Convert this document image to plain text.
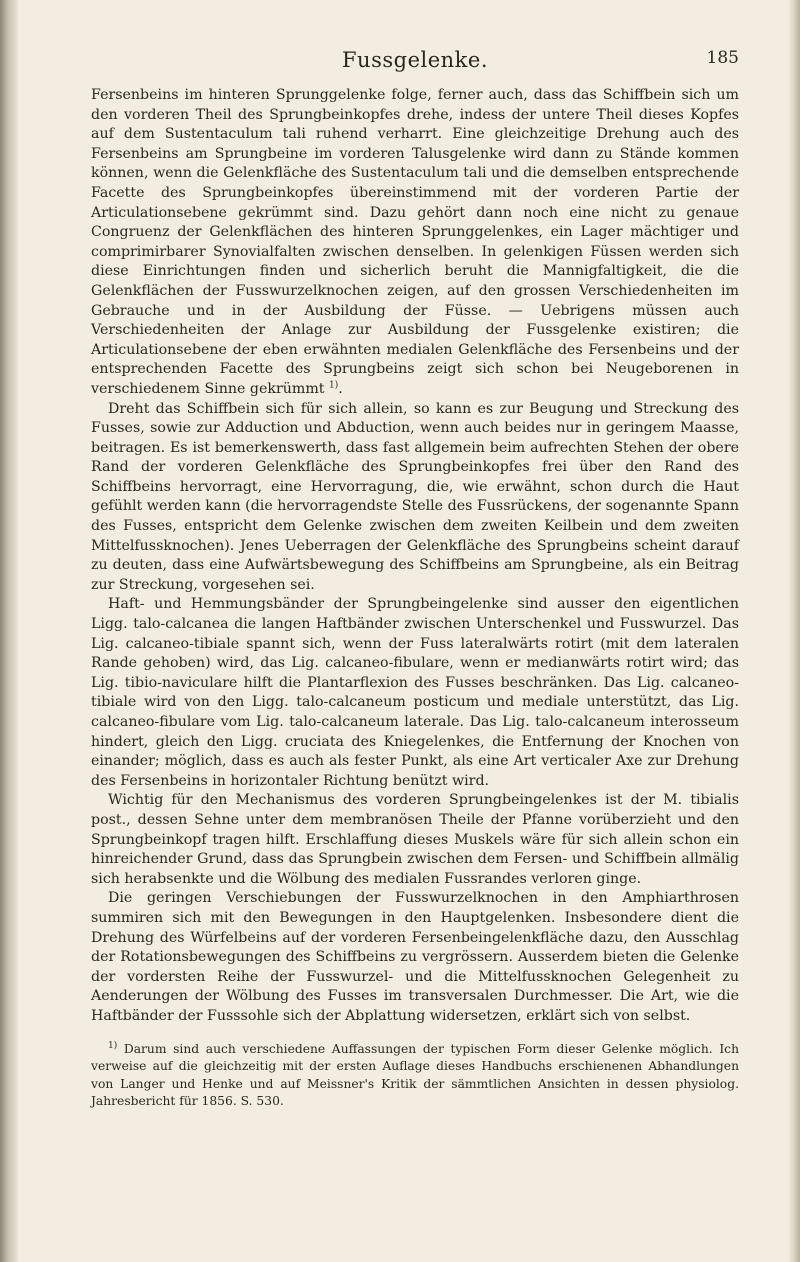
Fussgelenke.	185

Fersenbeins im hinteren Sprunggelenke folge, ferner auch, dass das Schiffbein sich um den vorderen Theil des Sprungbeinkopfes drehe, indess der untere Theil dieses Kopfes auf dem Sustentaculum tali ruhend verharrt. Eine gleichzeitige Drehung auch des Fersenbeins am Sprungbeine im vorderen Talusgelenke wird dann zu Stände kommen können, wenn die Gelenkfläche des Sustentaculum tali und die demselben entsprechende Facette des Sprungbeinkopfes übereinstimmend mit der vorderen Partie der Articulationsebene gekrümmt sind. Dazu gehört dann noch eine nicht zu genaue Congruenz der Gelenkflächen des hinteren Sprunggelenkes, ein Lager mächtiger und comprimirbarer Synovialfalten zwischen denselben. In gelenkigen Füssen werden sich diese Einrichtungen finden und sicherlich beruht die Mannigfaltigkeit, die die Gelenkflächen der Fusswurzelknochen zeigen, auf den grossen Verschiedenheiten im Gebrauche und in der Ausbildung der Füsse. — Uebrigens müssen auch Verschiedenheiten der Anlage zur Ausbildung der Fussgelenke existiren; die Articulationsebene der eben erwähnten medialen Gelenkfläche des Fersenbeins und der entsprechenden Facette des Sprungbeins zeigt sich schon bei Neugeborenen in verschiedenem Sinne gekrümmt $^{1)}$.

Dreht das Schiffbein sich für sich allein, so kann es zur Beugung und Streckung des Fusses, sowie zur Adduction und Abduction, wenn auch beides nur in geringem Maasse, beitragen. Es ist bemerkenswerth, dass fast allgemein beim aufrechten Stehen der obere Rand der vorderen Gelenkfläche des Sprungbeinkopfes frei über den Rand des Schiffbeins hervorragt, eine Hervorragung, die, wie erwähnt, schon durch die Haut gefühlt werden kann (die hervorragendste Stelle des Fussrückens, der sogenannte Spann des Fusses, entspricht dem Gelenke zwischen dem zweiten Keilbein und dem zweiten Mittelfussknochen). Jenes Ueberragen der Gelenkfläche des Sprungbeins scheint darauf zu deuten, dass eine Aufwärtsbewegung des Schiffbeins am Sprungbeine, als ein Beitrag zur Streckung, vorgesehen sei.

Haft- und Hemmungsbänder der Sprungbeingelenke sind ausser den eigentlichen Ligg. talo-calcanea die langen Haftbänder zwischen Unterschenkel und Fusswurzel. Das Lig. calcaneo-tibiale spannt sich, wenn der Fuss lateralwärts rotirt (mit dem lateralen Rande gehoben) wird, das Lig. calcaneo-fibulare, wenn er medianwärts rotirt wird; das Lig. tibio-naviculare hilft die Plantarflexion des Fusses beschränken. Das Lig. calcaneo-tibiale wird von den Ligg. talo-calcaneum posticum und mediale unterstützt, das Lig. calcaneo-fibulare vom Lig. talo-calcaneum laterale. Das Lig. talo-calcaneum interosseum hindert, gleich den Ligg. cruciata des Kniegelenkes, die Entfernung der Knochen von einander; möglich, dass es auch als fester Punkt, als eine Art verticaler Axe zur Drehung des Fersenbeins in horizontaler Richtung benützt wird.

Wichtig für den Mechanismus des vorderen Sprungbeingelenkes ist der M. tibialis post., dessen Sehne unter dem membranösen Theile der Pfanne vorüberzieht und den Sprungbeinkopf tragen hilft. Erschlaffung dieses Muskels wäre für sich allein schon ein hinreichender Grund, dass das Sprungbein zwischen dem Fersen- und Schiffbein allmälig sich herabsenkte und die Wölbung des medialen Fussrandes verloren ginge.

Die geringen Verschiebungen der Fusswurzelknochen in den Amphiarthrosen summiren sich mit den Bewegungen in den Hauptgelenken. Insbesondere dient die Drehung des Würfelbeins auf der vorderen Fersenbeingelenkfläche dazu, den Ausschlag der Rotationsbewegungen des Schiffbeins zu vergrössern. Ausserdem bieten die Gelenke der vordersten Reihe der Fusswurzel- und die Mittelfussknochen Gelegenheit zu Aenderungen der Wölbung des Fusses im transversalen Durchmesser. Die Art, wie die Haftbänder der Fusssohle sich der Abplattung widersetzen, erklärt sich von selbst.

$^{1)}$ Darum sind auch verschiedene Auffassungen der typischen Form dieser Gelenke möglich. Ich verweise auf die gleichzeitig mit der ersten Auflage dieses Handbuchs erschienenen Abhandlungen von Langer und Henke und auf Meissner's Kritik der sämmtlichen Ansichten in dessen physiolog. Jahresbericht für 1856. S. 530.
